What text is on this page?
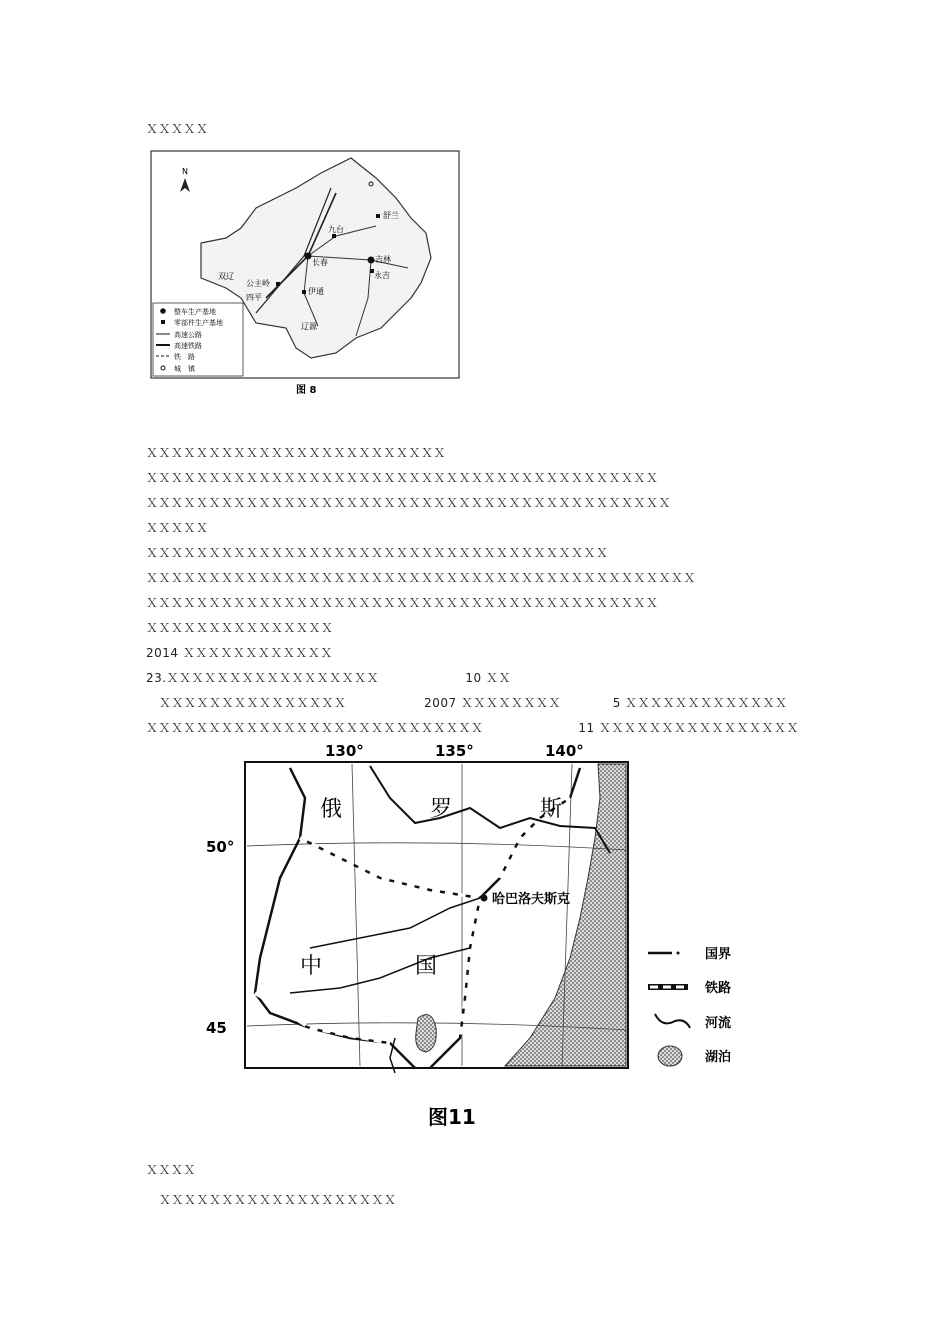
ＸＸＸＸＸ
九台
舒兰
长春	吉林
永吉
双辽
公主岭
四平
伊通
辽源
N
整车生产基地
零部件生产基地
高速公路
高速铁路
铁　路
城　镇
图 8
ＸＸＸＸＸＸＸＸＸＸＸＸＸＸＸＸＸＸＸＸＸＸＸＸ
ＸＸＸＸＸＸＸＸＸＸＸＸＸＸＸＸＸＸＸＸＸＸＸＸＸＸＸＸＸＸＸＸＸＸＸＸＸＸＸＸＸ
ＸＸＸＸＸＸＸＸＸＸＸＸＸＸＸＸＸＸＸＸＸＸＸＸＸＸＸＸＸＸＸＸＸＸＸＸＸＸＸＸＸＸ
ＸＸＸＸＸ
ＸＸＸＸＸＸＸＸＸＸＸＸＸＸＸＸＸＸＸＸＸＸＸＸＸＸＸＸＸＸＸＸＸＸＸＸＸ
ＸＸＸＸＸＸＸＸＸＸＸＸＸＸＸＸＸＸＸＸＸＸＸＸＸＸＸＸＸＸＸＸＸＸＸＸＸＸＸＸＸＸＸＸ
ＸＸＸＸＸＸＸＸＸＸＸＸＸＸＸＸＸＸＸＸＸＸＸＸＸＸＸＸＸＸＸＸＸＸＸＸＸＸＸＸＸ
ＸＸＸＸＸＸＸＸＸＸＸＸＸＸＸ
2014 ＸＸＸＸＸＸＸＸＸＸＸＸ
23.ＸＸＸＸＸＸＸＸＸＸＸＸＸＸＸＸＸ                    10 ＸＸ
ＸＸＸＸＸＸＸＸＸＸＸＸＸＸＸ                  2007 ＸＸＸＸＸＸＸＸ            5 ＸＸＸＸＸＸＸＸＸＸＸＸＸ
ＸＸＸＸＸＸＸＸＸＸＸＸＸＸＸＸＸＸＸＸＸＸＸＸＸＸＸ                      11 ＸＸＸＸＸＸＸＸＸＸＸＸＸＸＸＸ
130°	135°	140°
50°
45
哈巴洛夫斯克
俄	罗	斯
中	国	国界
铁路
河流
湖泊
图11
ＸＸＸＸ
ＸＸＸＸＸＸＸＸＸＸＸＸＸＸＸＸＸＸＸ
